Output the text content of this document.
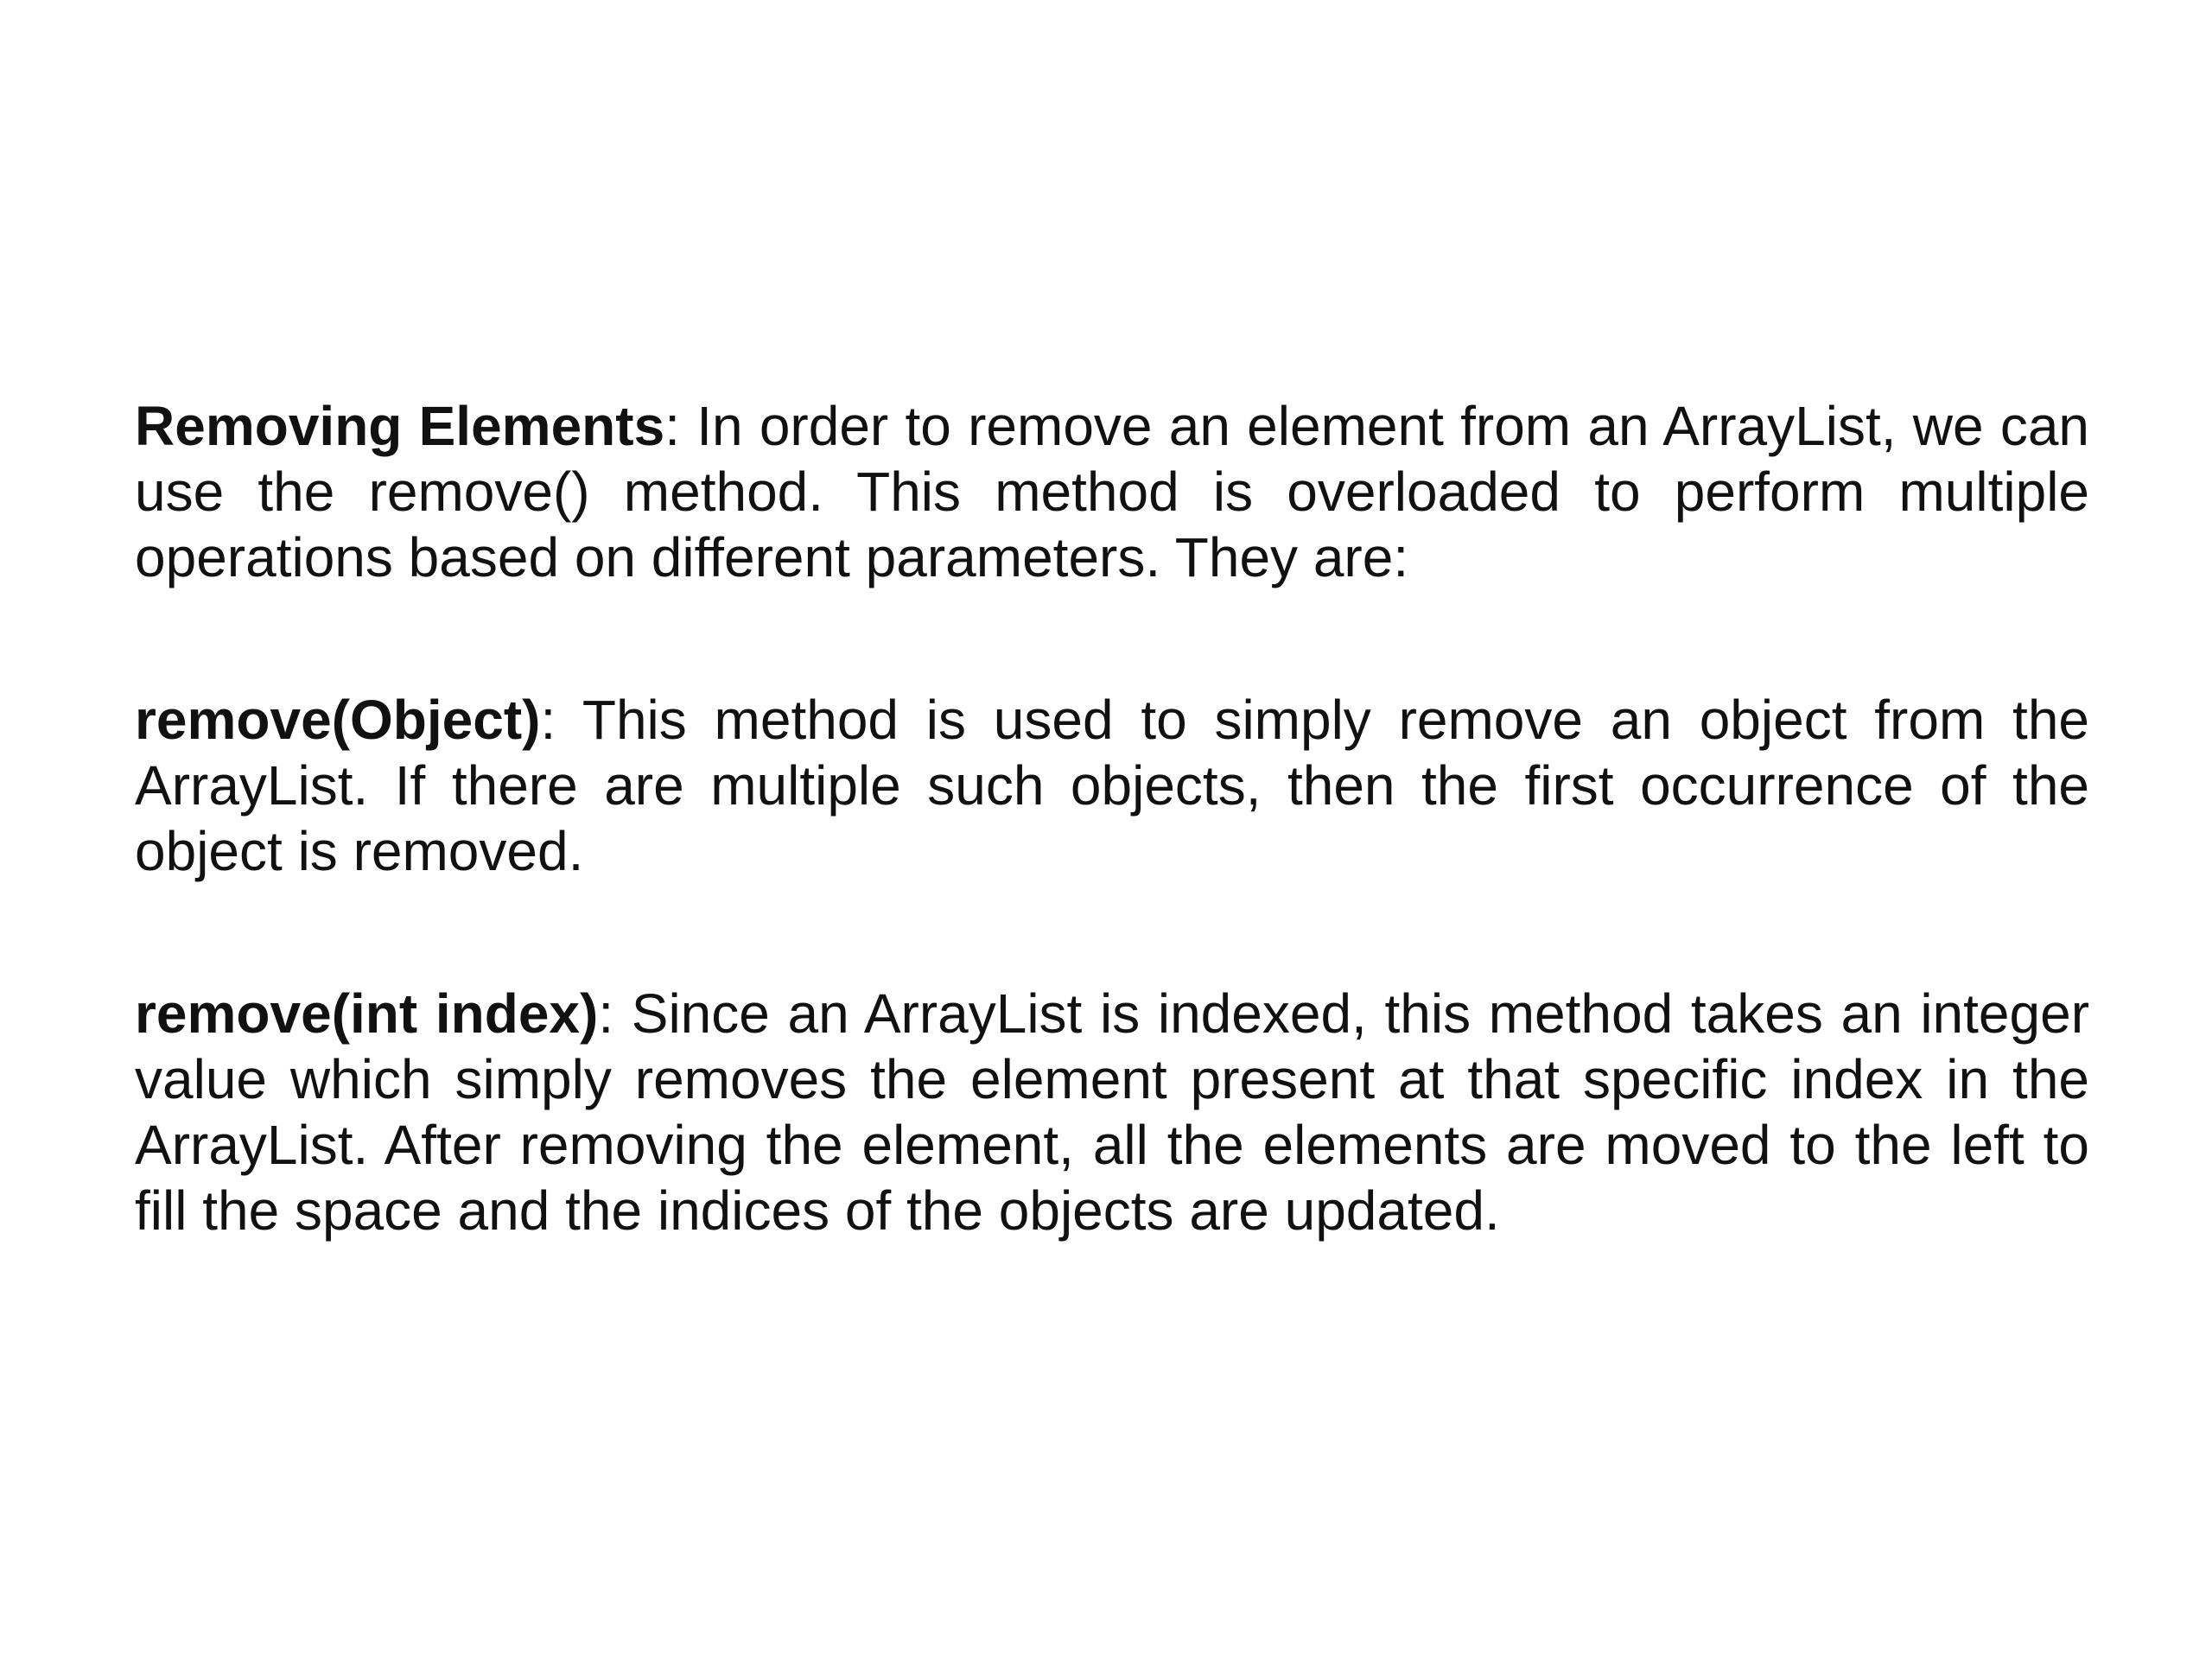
Removing Elements: In order to remove an element from an ArrayList, we can use the remove() method. This method is overloaded to perform multiple operations based on different parameters. They are:

remove(Object): This method is used to simply remove an object from the ArrayList. If there are multiple such objects, then the first occurrence of the object is removed.

remove(int index): Since an ArrayList is indexed, this method takes an integer value which simply removes the element present at that specific index in the ArrayList. After removing the element, all the elements are moved to the left to fill the space and the indices of the objects are updated.
